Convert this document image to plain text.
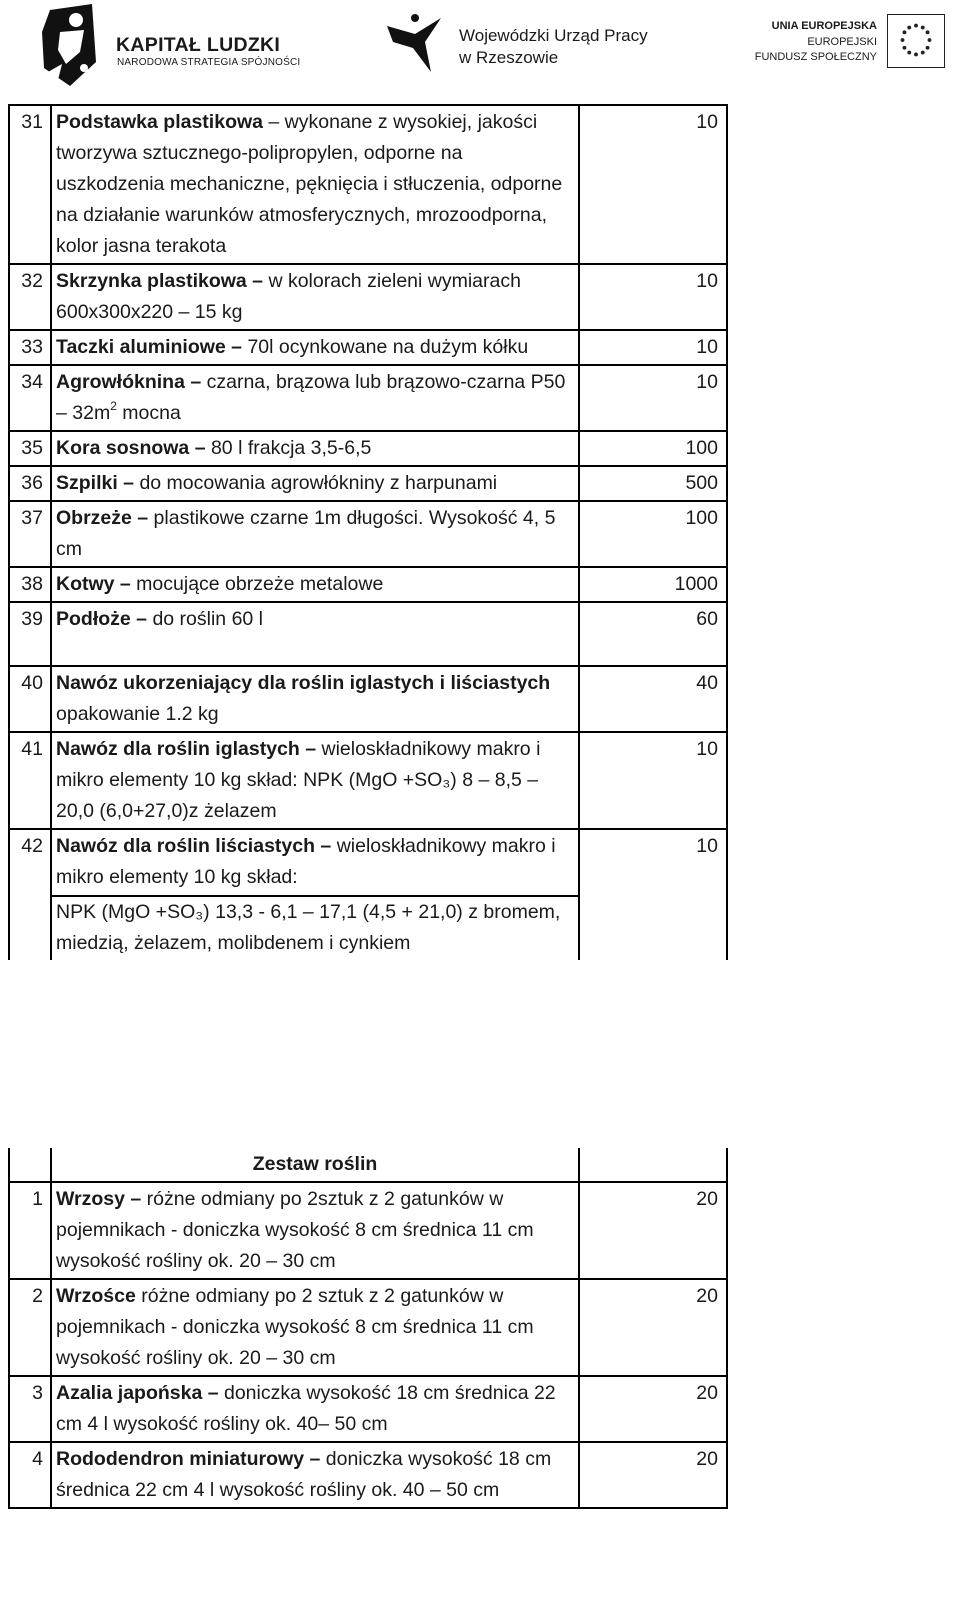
KAPITAŁ LUDZKI
NARODOWA STRATEGIA SPÓJNOŚCI
Wojewódzki Urząd Pracy
w Rzeszowie
UNIA EUROPEJSKA
EUROPEJSKI
FUNDUSZ SPOŁECZNY
31	Podstawka plastikowa – wykonane z wysokiej, jakości tworzywa sztucznego-polipropylen, odporne na uszkodzenia mechaniczne, pęknięcia i stłuczenia, odporne na działanie warunków atmosferycznych, mrozoodporna, kolor jasna terakota	10
32	Skrzynka plastikowa – w kolorach zieleni wymiarach 600x300x220 – 15 kg	10
33	Taczki aluminiowe – 70l ocynkowane na dużym kółku	10
34	Agrowłóknina – czarna, brązowa lub brązowo-czarna $P50 - 32m^2$ mocna	10
35	Kora sosnowa – 80 l frakcja 3,5-6,5	100
36	Szpilki – do mocowania agrowłókniny z harpunami	500
37	Obrzeże – plastikowe czarne 1m długości. Wysokość 4, 5 cm	100
38	Kotwy – mocujące obrzeże metalowe	1000
39	Podłoże – do roślin 60 l	60
40	Nawóz ukorzeniający dla roślin iglastych i liściastych opakowanie 1.2 kg	40
41	Nawóz dla roślin iglastych – wieloskładnikowy makro i mikro elementy 10 kg skład: NPK (MgO +SO₃) 8 – 8,5 – 20,0 (6,0+27,0)z żelazem	10
42	Nawóz dla roślin liściastych – wieloskładnikowy makro i mikro elementy 10 kg skład:
NPK (MgO +SO₃) 13,3 - 6,1 – 17,1 (4,5 + 21,0) z bromem, miedzią, żelazem, molibdenem i cynkiem	10
	Zestaw roślin	
1	Wrzosy – różne odmiany po 2sztuk z 2 gatunków w pojemnikach - doniczka wysokość 8 cm średnica 11 cm wysokość rośliny ok. 20 – 30 cm	20
2	Wrzośce różne odmiany po 2 sztuk z 2 gatunków w pojemnikach - doniczka wysokość 8 cm średnica 11 cm wysokość rośliny ok. 20 – 30 cm	20
3	Azalia japońska – doniczka wysokość 18 cm średnica 22 cm 4 l wysokość rośliny ok. 40– 50 cm	20
4	Rododendron miniaturowy – doniczka wysokość 18 cm średnica 22 cm 4 l wysokość rośliny ok. 40 – 50 cm	20
